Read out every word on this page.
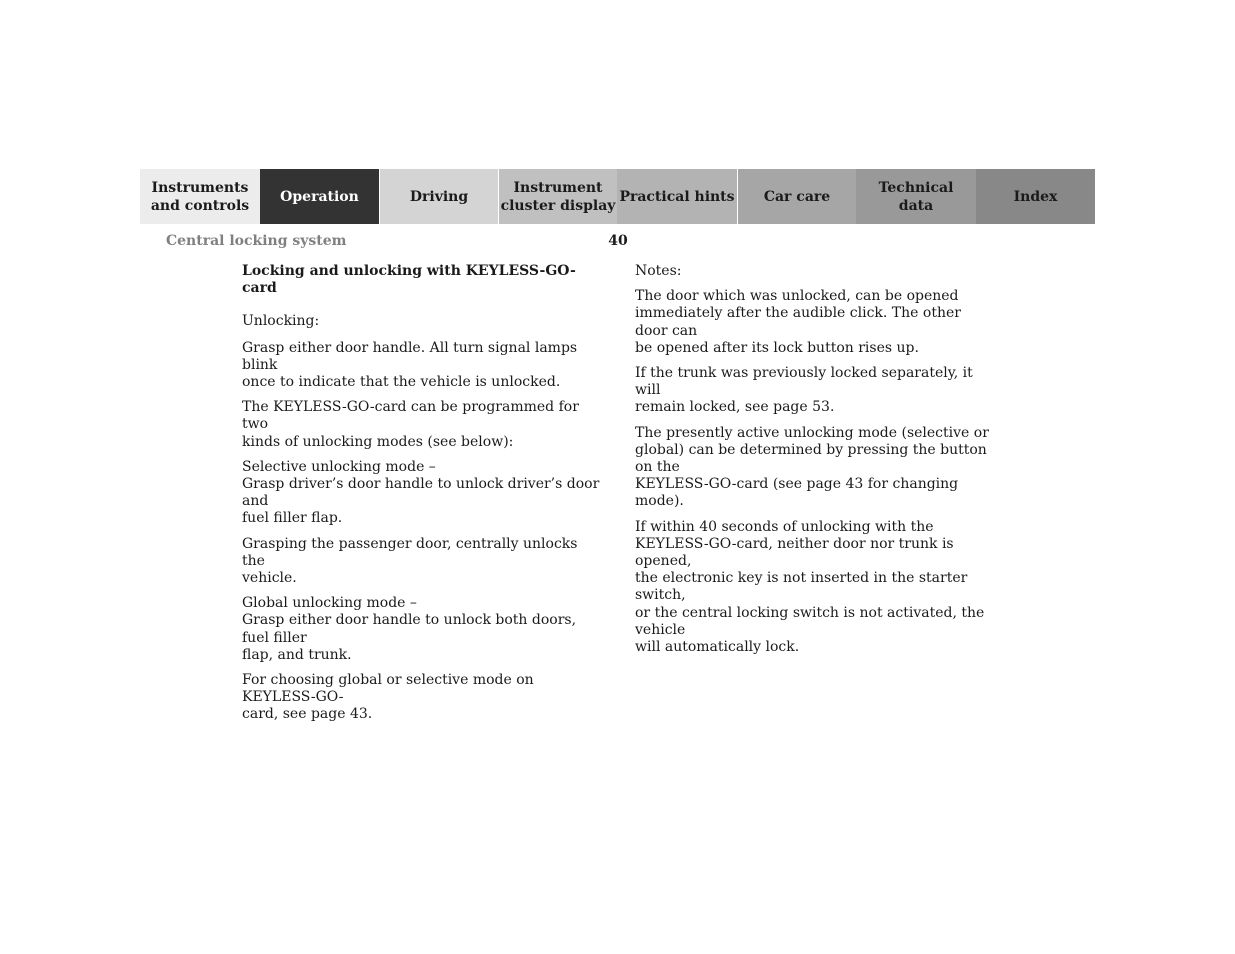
Instruments
and controls
Operation	Driving
Instrument
cluster display
Practical hints	Car care
Technical
data
Index
Central locking system	40

Locking and unlocking with KEYLESS-GO-card

Unlocking:

Grasp either door handle. All turn signal lamps blink
once to indicate that the vehicle is unlocked.

The KEYLESS-GO-card can be programmed for two
kinds of unlocking modes (see below):

Selective unlocking mode –
Grasp driver’s door handle to unlock driver’s door and
fuel filler flap.

Grasping the passenger door, centrally unlocks the
vehicle.

Global unlocking mode –
Grasp either door handle to unlock both doors, fuel filler
flap, and trunk.

For choosing global or selective mode on KEYLESS-GO-
card, see page 43.

Notes:

The door which was unlocked, can be opened
immediately after the audible click. The other door can
be opened after its lock button rises up.

If the trunk was previously locked separately, it will
remain locked, see page 53.

The presently active unlocking mode (selective or
global) can be determined by pressing the button on the
KEYLESS-GO-card (see page 43 for changing mode).

If within 40 seconds of unlocking with the
KEYLESS-GO-card, neither door nor trunk is opened,
the electronic key is not inserted in the starter switch,
or the central locking switch is not activated, the vehicle
will automatically lock.
